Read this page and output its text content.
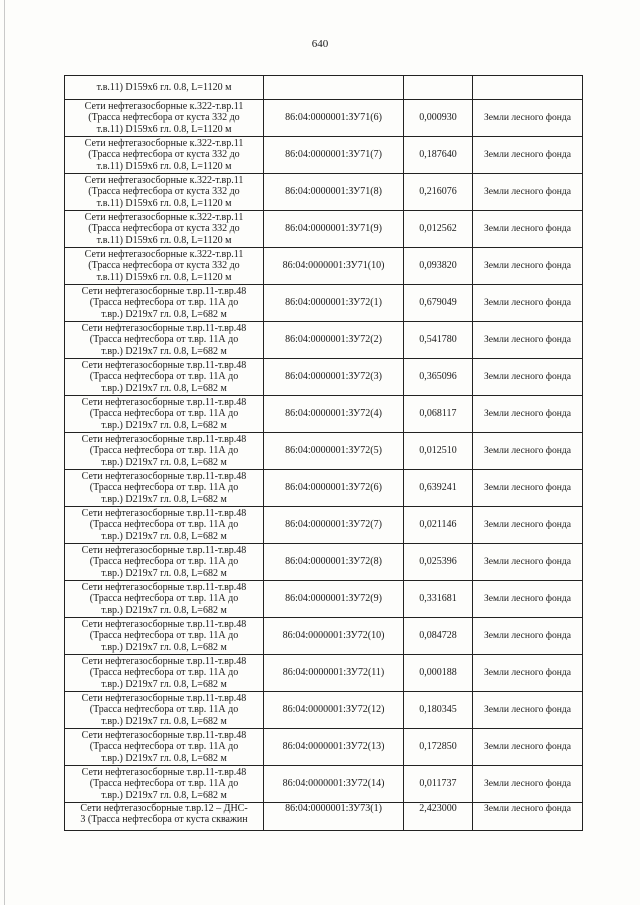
640
т.в.11) D159x6 гл. 0.8, L=1120 м			

Сети нефтегазосборные к.322-т.вр.11
(Трасса нефтесбора от куста 332 до
т.в.11) D159x6 гл. 0.8, L=1120 м	86:04:0000001:ЗУ71(6)	0,000930	Земли лесного фонда

Сети нефтегазосборные к.322-т.вр.11
(Трасса нефтесбора от куста 332 до
т.в.11) D159x6 гл. 0.8, L=1120 м	86:04:0000001:ЗУ71(7)	0,187640	Земли лесного фонда

Сети нефтегазосборные к.322-т.вр.11
(Трасса нефтесбора от куста 332 до
т.в.11) D159x6 гл. 0.8, L=1120 м	86:04:0000001:ЗУ71(8)	0,216076	Земли лесного фонда

Сети нефтегазосборные к.322-т.вр.11
(Трасса нефтесбора от куста 332 до
т.в.11) D159x6 гл. 0.8, L=1120 м	86:04:0000001:ЗУ71(9)	0,012562	Земли лесного фонда

Сети нефтегазосборные к.322-т.вр.11
(Трасса нефтесбора от куста 332 до
т.в.11) D159x6 гл. 0.8, L=1120 м	86:04:0000001:ЗУ71(10)	0,093820	Земли лесного фонда

Сети нефтегазосборные т.вр.11-т.вр.48
(Трасса нефтесбора от т.вр. 11А до
т.вр.) D219x7 гл. 0.8, L=682 м	86:04:0000001:ЗУ72(1)	0,679049	Земли лесного фонда

Сети нефтегазосборные т.вр.11-т.вр.48
(Трасса нефтесбора от т.вр. 11А до
т.вр.) D219x7 гл. 0.8, L=682 м	86:04:0000001:ЗУ72(2)	0,541780	Земли лесного фонда

Сети нефтегазосборные т.вр.11-т.вр.48
(Трасса нефтесбора от т.вр. 11А до
т.вр.) D219x7 гл. 0.8, L=682 м	86:04:0000001:ЗУ72(3)	0,365096	Земли лесного фонда

Сети нефтегазосборные т.вр.11-т.вр.48
(Трасса нефтесбора от т.вр. 11А до
т.вр.) D219x7 гл. 0.8, L=682 м	86:04:0000001:ЗУ72(4)	0,068117	Земли лесного фонда

Сети нефтегазосборные т.вр.11-т.вр.48
(Трасса нефтесбора от т.вр. 11А до
т.вр.) D219x7 гл. 0.8, L=682 м	86:04:0000001:ЗУ72(5)	0,012510	Земли лесного фонда

Сети нефтегазосборные т.вр.11-т.вр.48
(Трасса нефтесбора от т.вр. 11А до
т.вр.) D219x7 гл. 0.8, L=682 м	86:04:0000001:ЗУ72(6)	0,639241	Земли лесного фонда

Сети нефтегазосборные т.вр.11-т.вр.48
(Трасса нефтесбора от т.вр. 11А до
т.вр.) D219x7 гл. 0.8, L=682 м	86:04:0000001:ЗУ72(7)	0,021146	Земли лесного фонда

Сети нефтегазосборные т.вр.11-т.вр.48
(Трасса нефтесбора от т.вр. 11А до
т.вр.) D219x7 гл. 0.8, L=682 м	86:04:0000001:ЗУ72(8)	0,025396	Земли лесного фонда

Сети нефтегазосборные т.вр.11-т.вр.48
(Трасса нефтесбора от т.вр. 11А до
т.вр.) D219x7 гл. 0.8, L=682 м	86:04:0000001:ЗУ72(9)	0,331681	Земли лесного фонда

Сети нефтегазосборные т.вр.11-т.вр.48
(Трасса нефтесбора от т.вр. 11А до
т.вр.) D219x7 гл. 0.8, L=682 м	86:04:0000001:ЗУ72(10)	0,084728	Земли лесного фонда

Сети нефтегазосборные т.вр.11-т.вр.48
(Трасса нефтесбора от т.вр. 11А до
т.вр.) D219x7 гл. 0.8, L=682 м	86:04:0000001:ЗУ72(11)	0,000188	Земли лесного фонда

Сети нефтегазосборные т.вр.11-т.вр.48
(Трасса нефтесбора от т.вр. 11А до
т.вр.) D219x7 гл. 0.8, L=682 м	86:04:0000001:ЗУ72(12)	0,180345	Земли лесного фонда

Сети нефтегазосборные т.вр.11-т.вр.48
(Трасса нефтесбора от т.вр. 11А до
т.вр.) D219x7 гл. 0.8, L=682 м	86:04:0000001:ЗУ72(13)	0,172850	Земли лесного фонда

Сети нефтегазосборные т.вр.11-т.вр.48
(Трасса нефтесбора от т.вр. 11А до
т.вр.) D219x7 гл. 0.8, L=682 м	86:04:0000001:ЗУ72(14)	0,011737	Земли лесного фонда

Сети нефтегазосборные т.вр.12 – ДНС-
3 (Трасса нефтесбора от куста скважин	86:04:0000001:ЗУ73(1)	2,423000	Земли лесного фонда
